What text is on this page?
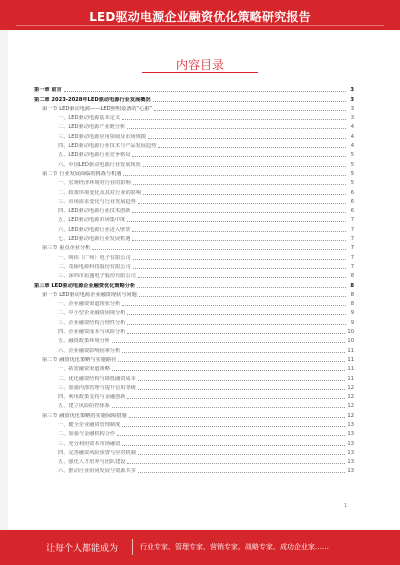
LED驱动电源企业融资优化策略研究报告
内容目录
第一章 前言	3
第二章 2023-2028年LED驱动电源行业发展概况	3
第一节 LED驱动电源——LED照明设备的“心脏”	3
一、LED驱动电源基本定义	3
二、LED驱动电源产业链分析	4
三、LED驱动电源应用领域及市场规模	4
四、LED驱动电源行业技术与产品发展趋势	4
五、LED驱动电源行业竞争格局	5
六、中国LED驱动电源行业发展现状	5
第二节 行业发展面临的挑战与机遇	5
一、宏观经济环境对行业的影响	5
二、政策环境变化及其对行业的影响	6
三、市场需求变化与行业发展趋势	6
四、LED驱动电源行业技术创新	6
五、LED驱动电源市场集中度	7
六、LED驱动电源行业进入壁垒	7
七、LED驱动电源行业发展机遇	7
第三节 重点企业分析	7
一、明纬（广州）电子有限公司	7
二、茂硕电源科技股份有限公司	7
三、深圳市崧盛电子股份有限公司	8
第三章 LED驱动电源企业融资优化策略分析	8
第一节 LED驱动电源企业融资现状与问题	8
一、企业融资渠道现状分析	8
二、中小型企业融资困境分析	9
三、企业融资结构合理性分析	9
四、企业融资成本与风险分析	10
五、融资政策环境分析	10
六、企业融资影响因素分析	11
第二节 融资优化策略与实施路径	11
一、拓宽融资渠道策略	11
二、优化融资结构与降低融资成本	11
三、加强内部管理与提升信用等级	12
四、利用政策支持与金融创新	12
五、建立风险防控体系	12
第三节 融资优化策略的实施保障措施	12
一、健全企业融资管理制度	13
二、加强与金融机构合作	13
三、充分利用资本市场融资	13
四、完善融资风险预警与应对机制	13
五、强化人才培养与团队建设	13
六、推动行业协同发展与资源共享	13
1
让每个人都能成为	行业专家、管理专家、营销专家、战略专家、成功企业家……
